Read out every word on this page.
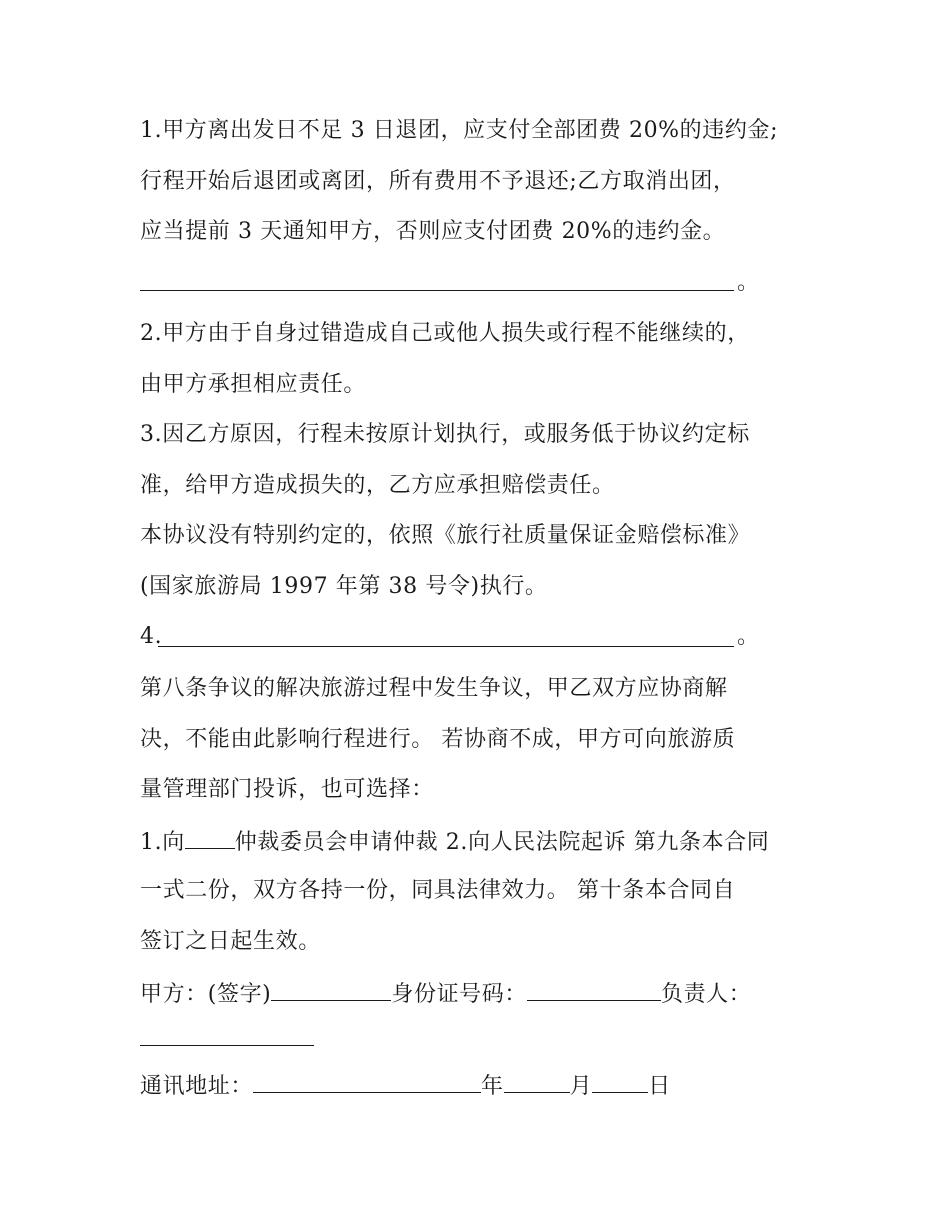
1.甲方离出发日不足 3 日退团，应支付全部团费 20%的违约金;
行程开始后退团或离团，所有费用不予退还;乙方取消出团，
应当提前 3 天通知甲方，否则应支付团费 20%的违约金。
。
2.甲方由于自身过错造成自己或他人损失或行程不能继续的，
由甲方承担相应责任。
3.因乙方原因，行程未按原计划执行，或服务低于协议约定标
准，给甲方造成损失的，乙方应承担赔偿责任。
本协议没有特别约定的，依照《旅行社质量保证金赔偿标准》
(国家旅游局 1997 年第 38 号令)执行。
4.	。
第八条争议的解决旅游过程中发生争议，甲乙双方应协商解
决，不能由此影响行程进行。 若协商不成，甲方可向旅游质
量管理部门投诉，也可选择：
1.向 仲裁委员会申请仲裁 2.向人民法院起诉 第九条本合同
一式二份，双方各持一份，同具法律效力。 第十条本合同自
签订之日起生效。
甲方：(签字)	身份证号码：	负责人：
通讯地址：	年	月	日
